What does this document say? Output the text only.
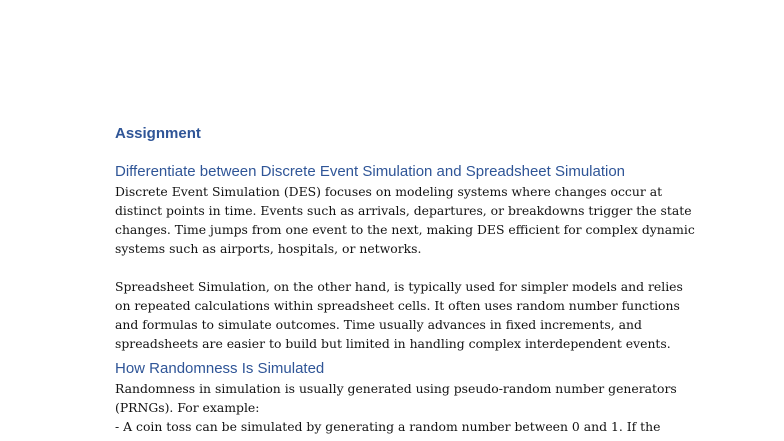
Assignment
Differentiate between Discrete Event Simulation and Spreadsheet Simulation

Discrete Event Simulation (DES) focuses on modeling systems where changes occur at
distinct points in time. Events such as arrivals, departures, or breakdowns trigger the state
changes. Time jumps from one event to the next, making DES efficient for complex dynamic
systems such as airports, hospitals, or networks.

Spreadsheet Simulation, on the other hand, is typically used for simpler models and relies
on repeated calculations within spreadsheet cells. It often uses random number functions
and formulas to simulate outcomes. Time usually advances in fixed increments, and
spreadsheets are easier to build but limited in handling complex interdependent events.

How Randomness Is Simulated

Randomness in simulation is usually generated using pseudo-random number generators
(PRNGs). For example:
- A coin toss can be simulated by generating a random number between 0 and 1. If the
